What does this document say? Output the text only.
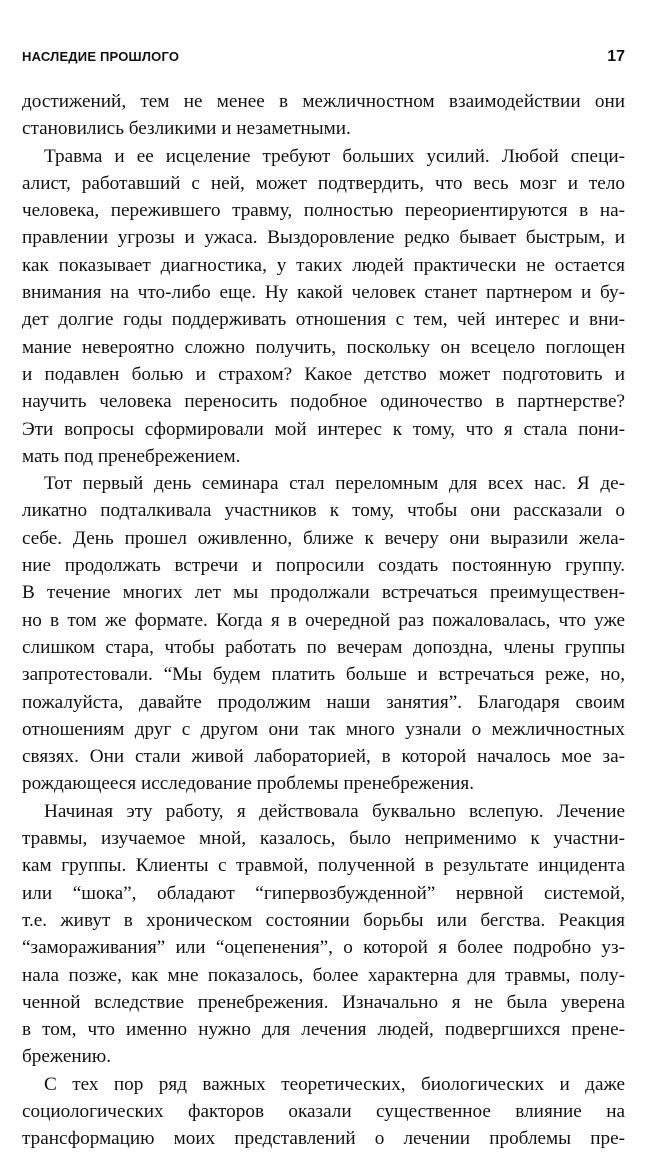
НАСЛЕДИЕ ПРОШЛОГО	17
достижений, тем не менее в межличностном взаимодействии они
становились безликими и незаметными.
Травма и ее исцеление требуют больших усилий. Любой специ-
алист, работавший с ней, может подтвердить, что весь мозг и тело
человека, пережившего травму, полностью переориентируются в на-
правлении угрозы и ужаса. Выздоровление редко бывает быстрым, и
как показывает диагностика, у таких людей практически не остается
внимания на что-либо еще. Ну какой человек станет партнером и бу-
дет долгие годы поддерживать отношения с тем, чей интерес и вни-
мание невероятно сложно получить, поскольку он всецело поглощен
и подавлен болью и страхом? Какое детство может подготовить и
научить человека переносить подобное одиночество в партнерстве?
Эти вопросы сформировали мой интерес к тому, что я стала пони-
мать под пренебрежением.
Тот первый день семинара стал переломным для всех нас. Я де-
ликатно подталкивала участников к тому, чтобы они рассказали о
себе. День прошел оживленно, ближе к вечеру они выразили жела-
ние продолжать встречи и попросили создать постоянную группу.
В течение многих лет мы продолжали встречаться преимуществен-
но в том же формате. Когда я в очередной раз пожаловалась, что уже
слишком стара, чтобы работать по вечерам допоздна, члены группы
запротестовали. “Мы будем платить больше и встречаться реже, но,
пожалуйста, давайте продолжим наши занятия”. Благодаря своим
отношениям друг с другом они так много узнали о межличностных
связях. Они стали живой лабораторией, в которой началось мое за-
рождающееся исследование проблемы пренебрежения.
Начиная эту работу, я действовала буквально вслепую. Лечение
травмы, изучаемое мной, казалось, было неприменимо к участни-
кам группы. Клиенты с травмой, полученной в результате инцидента
или “шока”, обладают “гипервозбужденной” нервной системой,
т.е. живут в хроническом состоянии борьбы или бегства. Реакция
“замораживания” или “оцепенения”, о которой я более подробно уз-
нала позже, как мне показалось, более характерна для травмы, полу-
ченной вследствие пренебрежения. Изначально я не была уверена
в том, что именно нужно для лечения людей, подвергшихся прене-
брежению.
С тех пор ряд важных теоретических, биологических и даже
социологических факторов оказали существенное влияние на
трансформацию моих представлений о лечении проблемы пре-
